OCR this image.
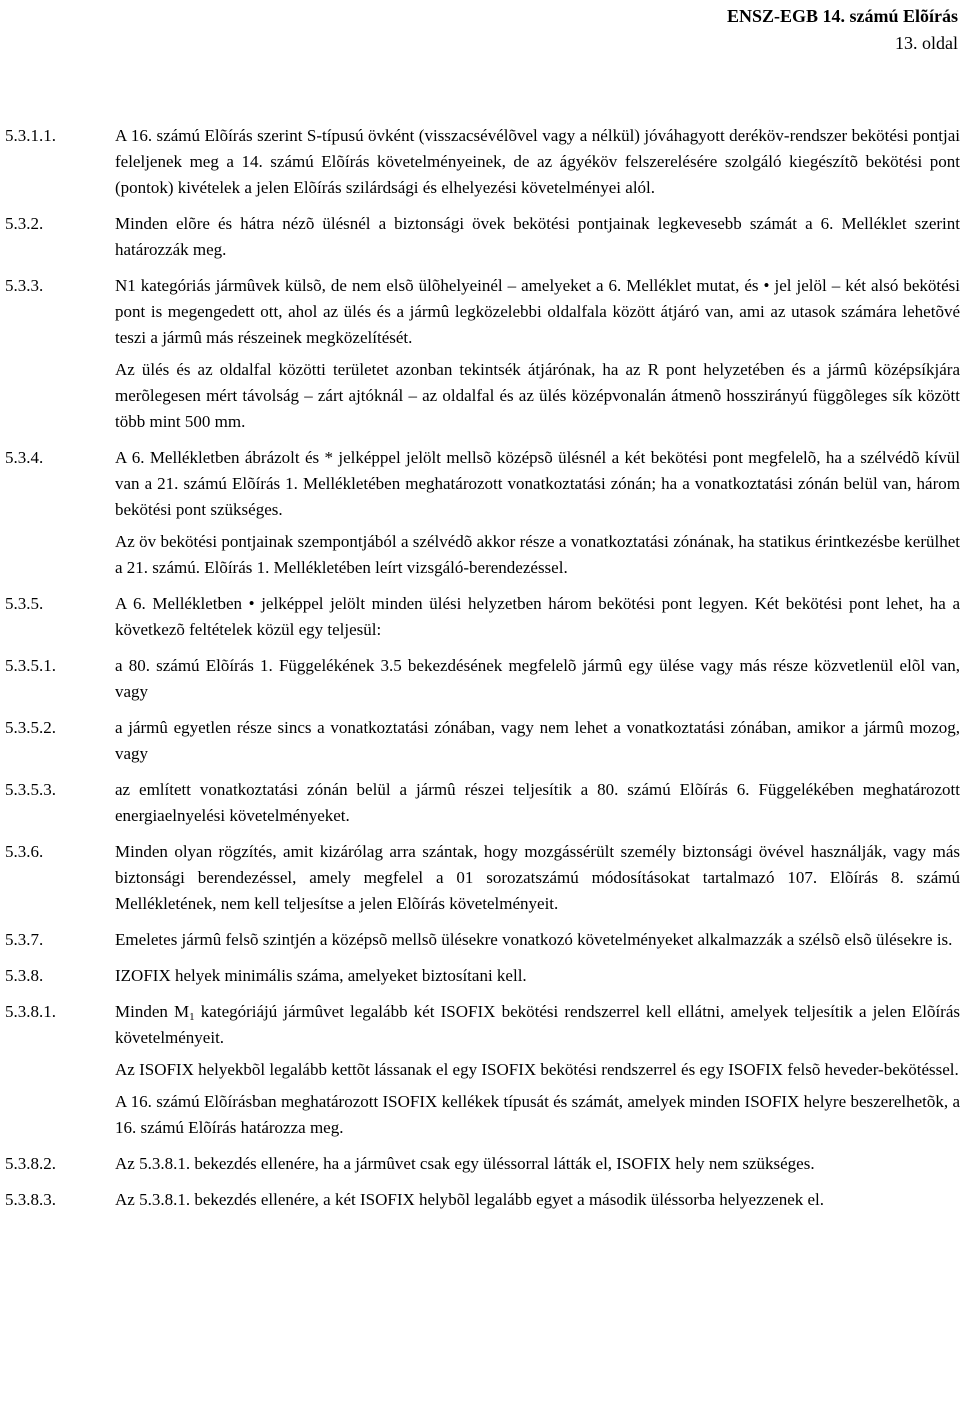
ENSZ-EGB 14. számú Elõírás
13. oldal
5.3.1.1.	A 16. számú Elõírás szerint S-típusú övként (visszacsévélõvel vagy a nélkül) jóváhagyott deréköv-rendszer bekötési pontjai feleljenek meg a 14. számú Elõírás követelményeinek, de az ágyéköv felszerelésére szolgáló kiegészítõ bekötési pont (pontok) kivételek a jelen Elõírás szilárdsági és elhelyezési követelményei alól.
5.3.2.	Minden elõre és hátra nézõ ülésnél a biztonsági övek bekötési pontjainak legkevesebb számát a 6. Melléklet szerint határozzák meg.
5.3.3.	N1 kategóriás jármûvek külsõ, de nem elsõ ülõhelyeinél – amelyeket a 6. Melléklet mutat, és • jel jelöl – két alsó bekötési pont is megengedett ott, ahol az ülés és a jármû legközelebbi oldalfala között átjáró van, ami az utasok számára lehetõvé teszi a jármû más részeinek megközelítését.
Az ülés és az oldalfal közötti területet azonban tekintsék átjárónak, ha az R pont helyzetében és a jármû középsíkjára merõlegesen mért távolság – zárt ajtóknál – az oldalfal és az ülés középvonalán átmenõ hosszirányú függõleges sík között több mint 500 mm.
5.3.4.	A 6. Mellékletben ábrázolt és * jelképpel jelölt mellsõ középsõ ülésnél a két bekötési pont megfelelõ, ha a szélvédõ kívül van a 21. számú Elõírás 1. Mellékletében meghatározott vonatkoztatási zónán; ha a vonatkoztatási zónán belül van, három bekötési pont szükséges.
Az öv bekötési pontjainak szempontjából a szélvédõ akkor része a vonatkoztatási zónának, ha statikus érintkezésbe kerülhet a 21. számú. Elõírás 1. Mellékletében leírt vizsgáló-berendezéssel.
5.3.5.	A 6. Mellékletben • jelképpel jelölt minden ülési helyzetben három bekötési pont legyen. Két bekötési pont lehet, ha a következõ feltételek közül egy teljesül:
5.3.5.1.	a 80. számú Elõírás 1. Függelékének 3.5 bekezdésének megfelelõ jármû egy ülése vagy más része közvetlenül elõl van, vagy
5.3.5.2.	a jármû egyetlen része sincs a vonatkoztatási zónában, vagy nem lehet a vonatkoztatási zónában, amikor a jármû mozog, vagy
5.3.5.3.	az említett vonatkoztatási zónán belül a jármû részei teljesítik a 80. számú Elõírás 6. Függelékében meghatározott energiaelnyelési követelményeket.
5.3.6.	Minden olyan rögzítés, amit kizárólag arra szántak, hogy mozgássérült személy biztonsági övével használják, vagy más biztonsági berendezéssel, amely megfelel a 01 sorozatszámú módosításokat tartalmazó 107. Elõírás 8. számú Mellékletének, nem kell teljesítse a jelen Elõírás követelményeit.
5.3.7.	Emeletes jármû felsõ szintjén a középsõ mellsõ ülésekre vonatkozó követelményeket alkalmazzák a szélsõ elsõ ülésekre is.
5.3.8.	IZOFIX helyek minimális száma, amelyeket biztosítani kell.
5.3.8.1.	Minden $M_1$ kategóriájú jármûvet legalább két ISOFIX bekötési rendszerrel kell ellátni, amelyek teljesítik a jelen Elõírás követelményeit.
Az ISOFIX helyekbõl legalább kettõt lássanak el egy ISOFIX bekötési rendszerrel és egy ISOFIX felsõ heveder-bekötéssel.
A 16. számú Elõírásban meghatározott ISOFIX kellékek típusát és számát, amelyek minden ISOFIX helyre beszerelhetõk, a 16. számú Elõírás határozza meg.
5.3.8.2.	Az 5.3.8.1. bekezdés ellenére, ha a jármûvet csak egy üléssorral látták el, ISOFIX hely nem szükséges.
5.3.8.3.	Az 5.3.8.1. bekezdés ellenére, a két ISOFIX helybõl legalább egyet a második üléssorba helyezzenek el.
